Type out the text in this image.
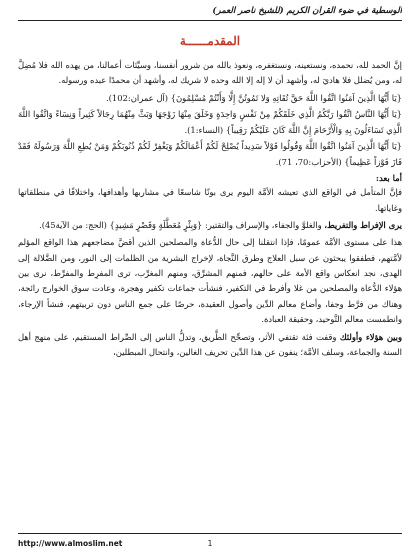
الوسطية في ضوء القرآن الكريم (للشيخ ناصر العمر)
المقدمــــــة

إنَّ الحمد لله، نحمده، ونستعينه، ونستغفره، ونعوذ بالله من شرور أنفسنا، وسيِّئات أعمالنا، من يهده الله فلا مُضِلَّ له، ومن يُضلل فلا هاديَ له، وأشهد أن لا إله إلا الله وحده لا شريك له، وأشهد أن محمدًا عبده ورسوله.

{يَا أَيُّهَا الَّذِينَ آمَنُوا اتَّقُوا اللَّهَ حَقَّ تُقَاتِهِ وَلا تَمُوتُنَّ إِلَّا وَأَنْتُمْ مُسْلِمُونَ} (آل عمران:102).

{يَا أَيُّهَا النَّاسُ اتَّقُوا رَبَّكُمُ الَّذِي خَلَقَكُمْ مِنْ نَفْسٍ وَاحِدَةٍ وَخَلَقَ مِنْهَا زَوْجَهَا وَبَثَّ مِنْهُمَا رِجَالاً كَثِيراً وَنِسَاءً وَاتَّقُوا اللَّهَ الَّذِي تَسَاءَلُونَ بِهِ وَالْأَرْحَامَ إِنَّ اللَّهَ كَانَ عَلَيْكُمْ رَقِيباً} (النساء:1).

{يَا أَيُّهَا الَّذِينَ آمَنُوا اتَّقُوا اللَّهَ وَقُولُوا قَوْلاً سَدِيداً يُصْلِحْ لَكُمْ أَعْمَالَكُمْ وَيَغْفِرْ لَكُمْ ذُنُوبَكُمْ وَمَنْ يُطِعِ اللَّهَ وَرَسُولَهُ فَقَدْ فَازَ فَوْزاً عَظِيماً} (الأحزاب:70، 71).

أما بعد:

فإنَّ المتأمل في الواقع الذي تعيشه الأمَّة اليوم يرى بونًا شاسعًا في مشاربها وأهدافها، واختلافًا في منطلقاتها وغاياتها.

يرى الإفراط والتفريط، والغلوَّ والجفاء، والإسراف والتقتير: {وَبِئْرٍ مُعَطَّلَةٍ وَقَصْرٍ مَشِيدٍ} (الحج: من الآية45).

هذا على مستوى الأمَّة عمومًا، فإذا انتقلنا إلى حال الدُّعاة والمصلحين الذين أقضَّ مضاجعهم هذا الواقع المؤلم لأمَّتهم، فطفقوا يبحثون عن سبل العلاج وطرق النَّجاة، لإخراج البشرية من الظلمات إلى النور، ومن الضَّلالة إلى الهدى، نجد انعكاس واقع الأمة على حالهم، فمنهم المشرِّق، ومنهم المغرِّب، ترى المفرِط والمفرِّط، نرى بين هؤلاء الدُّعاة والمصلحين من غلا وأفرط في التكفير، فنشأت جماعات تكفير وهجرة، وعادت سوق الخوارج رائجة، وهناك من فرَّط وجفا، وأضاع معالم الدِّين وأصول العقيدة، حرصًا على جمع الناس دون تربيتهم، فنشأ الإرجاء، وانطمست معالم التَّوحيد، وحقيقة العبادة.

وبين هؤلاء وأولئك وقفت فئة تقتفي الأثر، وتصحِّح الطَّريق، وتدلُّ الناس إلى الصِّراط المستقيم، على منهج أهل السنة والجماعة، وسلف الأمَّة؛ ينفون عن هذا الدِّين تحريف الغالين، وانتحال المبطلين،

http://www.almoslim.net	1
